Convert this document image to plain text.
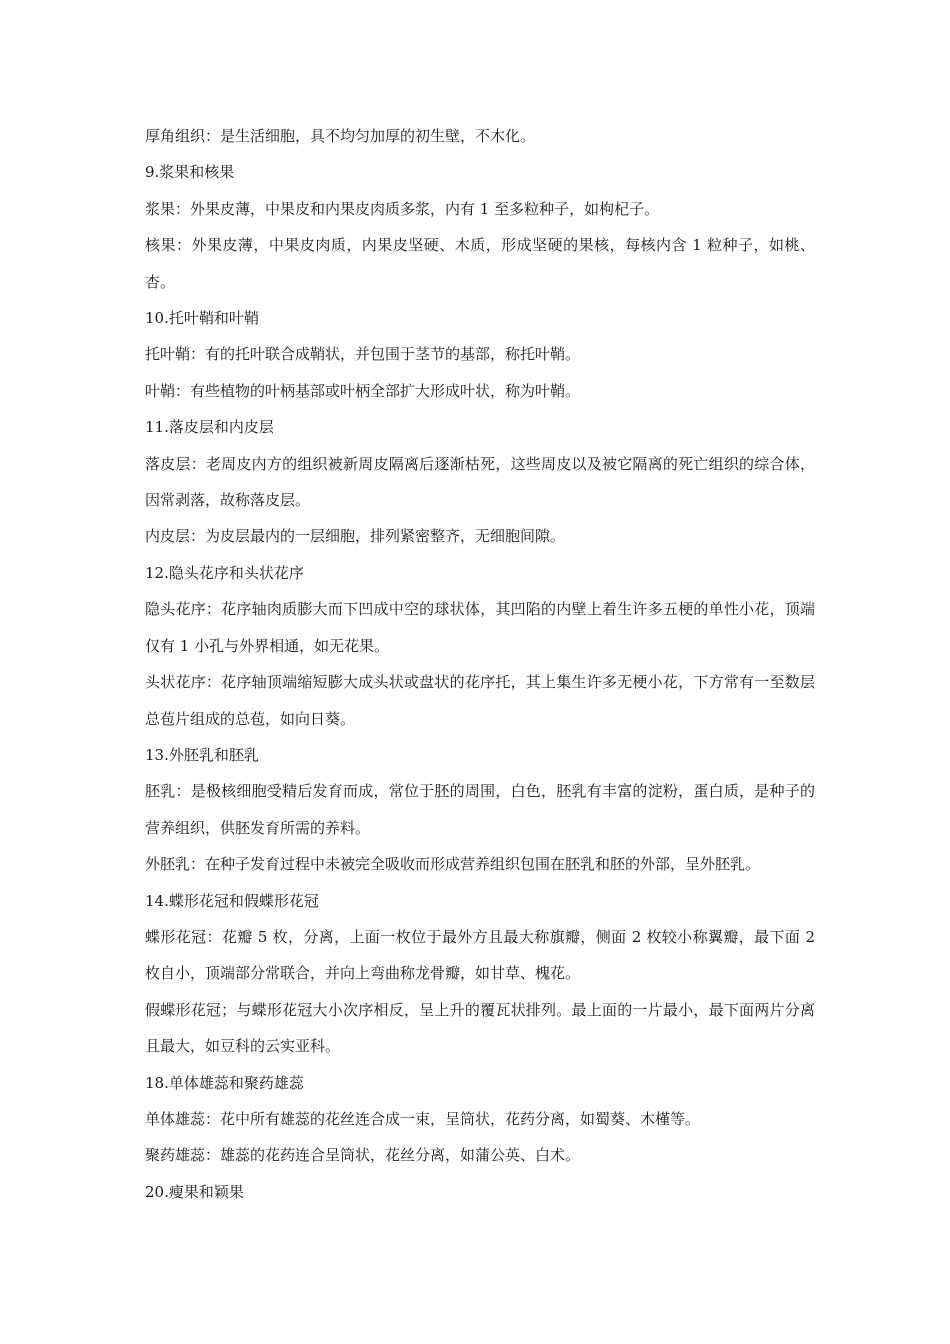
厚角组织：是生活细胞，具不均匀加厚的初生壁，不木化。

9.浆果和核果

浆果：外果皮薄，中果皮和内果皮肉质多浆，内有 1 至多粒种子，如枸杞子。

核果：外果皮薄，中果皮肉质，内果皮坚硬、木质，形成坚硬的果核，每核内含 1 粒种子，如桃、杏。

10.托叶鞘和叶鞘

托叶鞘：有的托叶联合成鞘状，并包围于茎节的基部，称托叶鞘。

叶鞘：有些植物的叶柄基部或叶柄全部扩大形成叶状，称为叶鞘。

11.落皮层和内皮层

落皮层：老周皮内方的组织被新周皮隔离后逐渐枯死，这些周皮以及被它隔离的死亡组织的综合体，因常剥落，故称落皮层。

内皮层：为皮层最内的一层细胞，排列紧密整齐，无细胞间隙。

12.隐头花序和头状花序

隐头花序：花序轴肉质膨大而下凹成中空的球状体，其凹陷的内壁上着生许多五梗的单性小花，顶端仅有 1 小孔与外界相通，如无花果。

头状花序：花序轴顶端缩短膨大成头状或盘状的花序托，其上集生许多无梗小花，下方常有一至数层总苞片组成的总苞，如向日葵。

13.外胚乳和胚乳

胚乳：是极核细胞受精后发育而成，常位于胚的周围，白色，胚乳有丰富的淀粉，蛋白质，是种子的营养组织，供胚发育所需的养料。

外胚乳：在种子发育过程中未被完全吸收而形成营养组织包围在胚乳和胚的外部，呈外胚乳。

14.蝶形花冠和假蝶形花冠

蝶形花冠：花瓣 5 枚，分离，上面一枚位于最外方且最大称旗瓣，侧面 2 枚较小称翼瓣，最下面 2 枚自小，顶端部分常联合，并向上弯曲称龙骨瓣，如甘草、槐花。

假蝶形花冠；与蝶形花冠大小次序相反，呈上升的覆瓦状排列。最上面的一片最小，最下面两片分离且最大，如豆科的云实亚科。

18.单体雄蕊和聚药雄蕊

单体雄蕊：花中所有雄蕊的花丝连合成一束，呈筒状，花药分离，如蜀葵、木槿等。

聚药雄蕊：雄蕊的花药连合呈筒状，花丝分离，如蒲公英、白术。

20.瘦果和颖果
